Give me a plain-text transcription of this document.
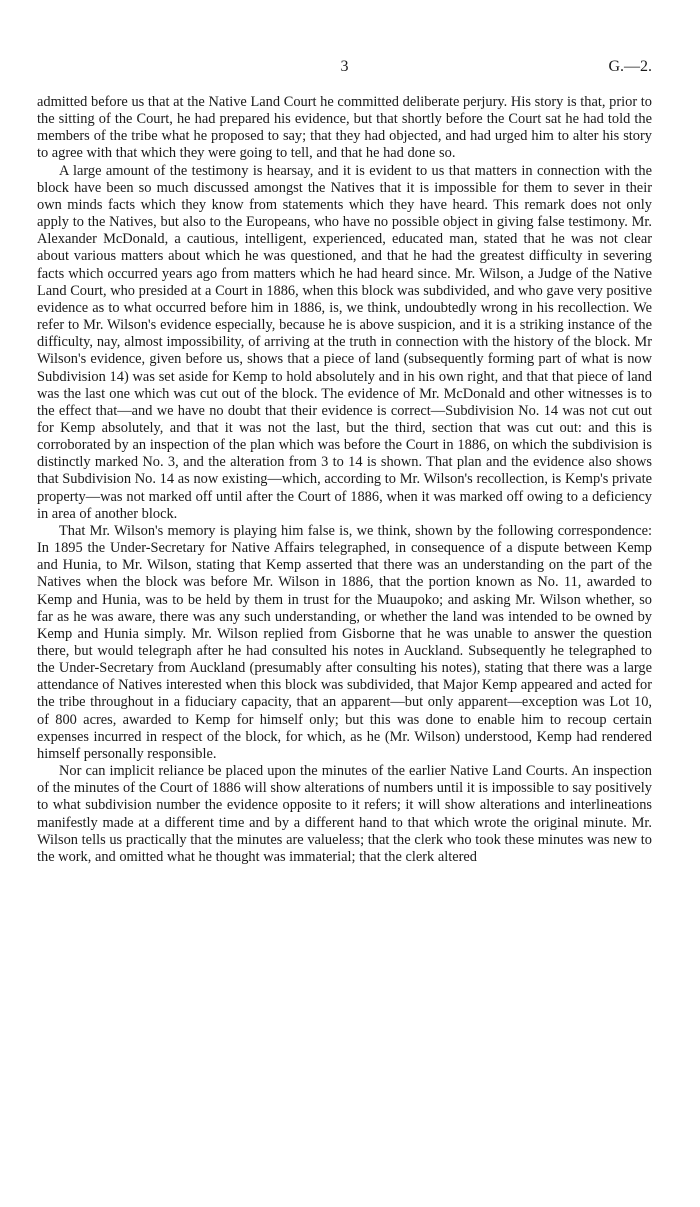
3	G.—2.

admitted before us that at the Native Land Court he committed deliberate perjury. His story is that, prior to the sitting of the Court, he had prepared his evidence, but that shortly before the Court sat he had told the members of the tribe what he proposed to say; that they had objected, and had urged him to alter his story to agree with that which they were going to tell, and that he had done so.

A large amount of the testimony is hearsay, and it is evident to us that matters in connection with the block have been so much discussed amongst the Natives that it is impossible for them to sever in their own minds facts which they know from statements which they have heard. This remark does not only apply to the Natives, but also to the Europeans, who have no possible object in giving false testimony. Mr. Alexander McDonald, a cautious, intelligent, experienced, educated man, stated that he was not clear about various matters about which he was questioned, and that he had the greatest difficulty in severing facts which occurred years ago from matters which he had heard since. Mr. Wilson, a Judge of the Native Land Court, who presided at a Court in 1886, when this block was subdivided, and who gave very positive evidence as to what occurred before him in 1886, is, we think, undoubtedly wrong in his recollection. We refer to Mr. Wilson's evidence especially, because he is above suspicion, and it is a striking instance of the difficulty, nay, almost impossibility, of arriving at the truth in connection with the history of the block. Mr Wilson's evidence, given before us, shows that a piece of land (subsequently forming part of what is now Subdivision 14) was set aside for Kemp to hold absolutely and in his own right, and that that piece of land was the last one which was cut out of the block. The evidence of Mr. McDonald and other witnesses is to the effect that—and we have no doubt that their evidence is correct—Subdivision No. 14 was not cut out for Kemp absolutely, and that it was not the last, but the third, section that was cut out: and this is corroborated by an inspection of the plan which was before the Court in 1886, on which the subdivision is distinctly marked No. 3, and the alteration from 3 to 14 is shown. That plan and the evidence also shows that Subdivision No. 14 as now existing—which, according to Mr. Wilson's recollection, is Kemp's private property—was not marked off until after the Court of 1886, when it was marked off owing to a deficiency in area of another block.

That Mr. Wilson's memory is playing him false is, we think, shown by the following correspondence: In 1895 the Under-Secretary for Native Affairs telegraphed, in consequence of a dispute between Kemp and Hunia, to Mr. Wilson, stating that Kemp asserted that there was an understanding on the part of the Natives when the block was before Mr. Wilson in 1886, that the portion known as No. 11, awarded to Kemp and Hunia, was to be held by them in trust for the Muaupoko; and asking Mr. Wilson whether, so far as he was aware, there was any such understanding, or whether the land was intended to be owned by Kemp and Hunia simply. Mr. Wilson replied from Gisborne that he was unable to answer the question there, but would telegraph after he had consulted his notes in Auckland. Subsequently he telegraphed to the Under-Secretary from Auckland (presumably after consulting his notes), stating that there was a large attendance of Natives interested when this block was subdivided, that Major Kemp appeared and acted for the tribe throughout in a fiduciary capacity, that an apparent—but only apparent—exception was Lot 10, of 800 acres, awarded to Kemp for himself only; but this was done to enable him to recoup certain expenses incurred in respect of the block, for which, as he (Mr. Wilson) understood, Kemp had rendered himself personally responsible.

Nor can implicit reliance be placed upon the minutes of the earlier Native Land Courts. An inspection of the minutes of the Court of 1886 will show alterations of numbers until it is impossible to say positively to what subdivision number the evidence opposite to it refers; it will show alterations and interlineations manifestly made at a different time and by a different hand to that which wrote the original minute. Mr. Wilson tells us practically that the minutes are valueless; that the clerk who took these minutes was new to the work, and omitted what he thought was immaterial; that the clerk altered
